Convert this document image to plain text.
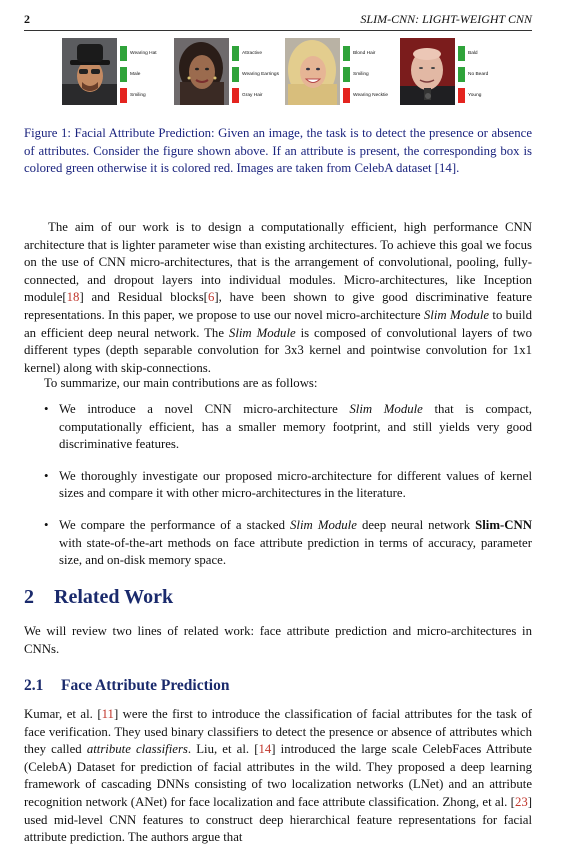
2	SLIM-CNN: LIGHT-WEIGHT CNN
Wearing Hat
Male
Smiling
Attractive
Wearing Earrings
Gray Hair
Blond Hair
Smiling
Wearing Necktie
Bald
No Beard
Young
Figure 1: Facial Attribute Prediction: Given an image, the task is to detect the presence or absence of attributes. Consider the figure shown above. If an attribute is present, the corresponding box is colored green otherwise it is colored red. Images are taken from CelebA dataset [14].
The aim of our work is to design a computationally efficient, high performance CNN architecture that is lighter parameter wise than existing architectures. To achieve this goal we focus on the use of CNN micro-architectures, that is the arrangement of convolutional, pooling, fully-connected, and dropout layers into individual modules. Micro-architectures, like Inception module[18] and Residual blocks[6], have been shown to give good discriminative feature representations. In this paper, we propose to use our novel micro-architecture Slim Module to build an efficient deep neural network. The Slim Module is composed of convolutional layers of two different types (depth separable convolution for 3x3 kernel and pointwise convolution for 1x1 kernel) along with skip-connections.
To summarize, our main contributions are as follows:
• We introduce a novel CNN micro-architecture Slim Module that is compact, computationally efficient, has a smaller memory footprint, and still yields very good discriminative features.
• We thoroughly investigate our proposed micro-architecture for different values of kernel sizes and compare it with other micro-architectures in the literature.
• We compare the performance of a stacked Slim Module deep neural network Slim-CNN with state-of-the-art methods on face attribute prediction in terms of accuracy, parameter size, and on-disk memory space.
2 Related Work
We will review two lines of related work: face attribute prediction and micro-architectures in CNNs.
2.1 Face Attribute Prediction
Kumar, et al. [11] were the first to introduce the classification of facial attributes for the task of face verification. They used binary classifiers to detect the presence or absence of attributes which they called attribute classifiers. Liu, et al. [14] introduced the large scale CelebFaces Attribute (CelebA) Dataset for prediction of facial attributes in the wild. They proposed a deep learning framework of cascading DNNs consisting of two localization networks (LNet) and an attribute recognition network (ANet) for face localization and face attribute classification. Zhong, et al. [23] used mid-level CNN features to construct deep hierarchical feature representations for facial attribute prediction. The authors argue that
